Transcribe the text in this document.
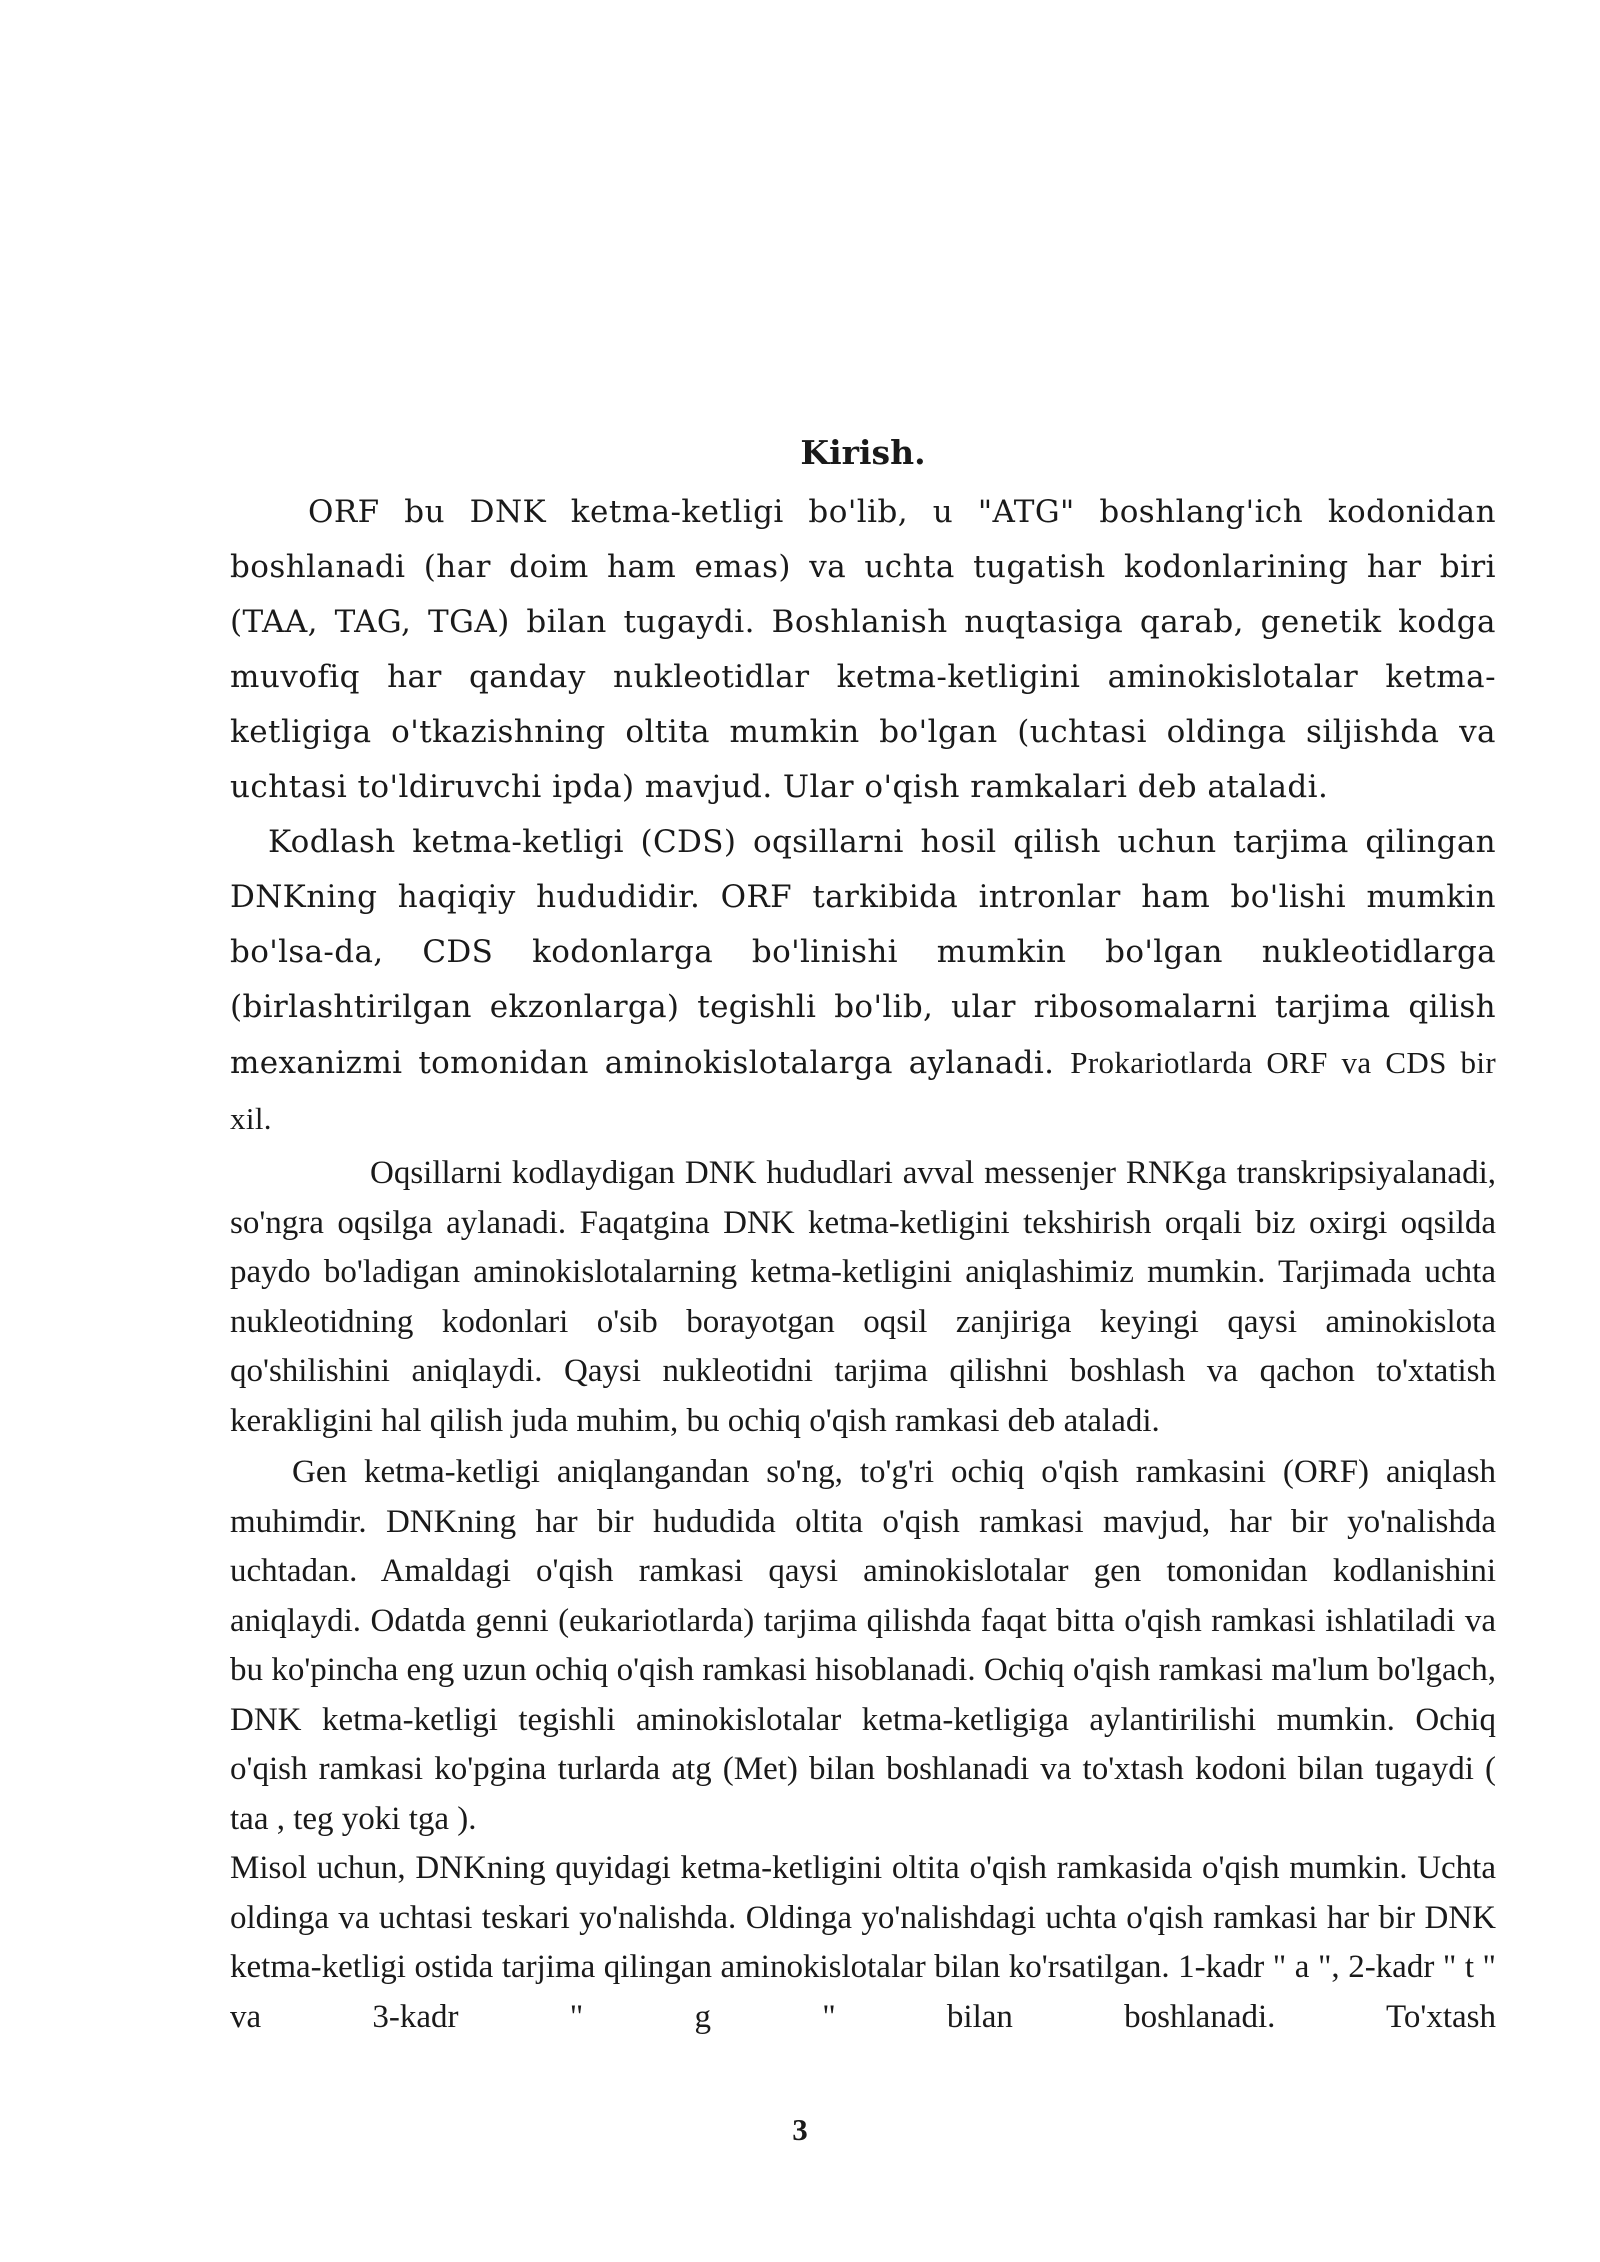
Kirish.

ORF bu DNK ketma-ketligi bo'lib, u "ATG" boshlang'ich kodonidan boshlanadi (har doim ham emas) va uchta tugatish kodonlarining har biri (TAA, TAG, TGA) bilan tugaydi. Boshlanish nuqtasiga qarab, genetik kodga muvofiq har qanday nukleotidlar ketma-ketligini aminokislotalar ketma-ketligiga o'tkazishning oltita mumkin bo'lgan (uchtasi oldinga siljishda va uchtasi to'ldiruvchi ipda) mavjud. Ular o'qish ramkalari deb ataladi.

Kodlash ketma-ketligi (CDS) oqsillarni hosil qilish uchun tarjima qilingan DNKning haqiqiy hududidir. ORF tarkibida intronlar ham bo'lishi mumkin bo'lsa-da, CDS kodonlarga bo'linishi mumkin bo'lgan nukleotidlarga (birlashtirilgan ekzonlarga) tegishli bo'lib, ular ribosomalarni tarjima qilish mexanizmi tomonidan aminokislotalarga aylanadi. Prokariotlarda ORF va CDS bir xil.

Oqsillarni kodlaydigan DNK hududlari avval messenjer RNKga transkripsiyalanadi, so'ngra oqsilga aylanadi. Faqatgina DNK ketma-ketligini tekshirish orqali biz oxirgi oqsilda paydo bo'ladigan aminokislotalarning ketma-ketligini aniqlashimiz mumkin. Tarjimada uchta nukleotidning kodonlari o'sib borayotgan oqsil zanjiriga keyingi qaysi aminokislota qo'shilishini aniqlaydi. Qaysi nukleotidni tarjima qilishni boshlash va qachon to'xtatish kerakligini hal qilish juda muhim, bu ochiq o'qish ramkasi deb ataladi.

Gen ketma-ketligi aniqlangandan so'ng, to'g'ri ochiq o'qish ramkasini (ORF) aniqlash muhimdir. DNKning har bir hududida oltita o'qish ramkasi mavjud, har bir yo'nalishda uchtadan. Amaldagi o'qish ramkasi qaysi aminokislotalar gen tomonidan kodlanishini aniqlaydi. Odatda genni (eukariotlarda) tarjima qilishda faqat bitta o'qish ramkasi ishlatiladi va bu ko'pincha eng uzun ochiq o'qish ramkasi hisoblanadi. Ochiq o'qish ramkasi ma'lum bo'lgach, DNK ketma-ketligi tegishli aminokislotalar ketma-ketligiga aylantirilishi mumkin. Ochiq o'qish ramkasi ko'pgina turlarda atg (Met) bilan boshlanadi va to'xtash kodoni bilan tugaydi ( taa , teg yoki tga ).

Misol uchun, DNKning quyidagi ketma-ketligini oltita o'qish ramkasida o'qish mumkin. Uchta oldinga va uchtasi teskari yo'nalishda. Oldinga yo'nalishdagi uchta o'qish ramkasi har bir DNK ketma-ketligi ostida tarjima qilingan aminokislotalar bilan ko'rsatilgan. 1-kadr " a ", 2-kadr " t " va 3-kadr " g " bilan boshlanadi. To'xtash

3
